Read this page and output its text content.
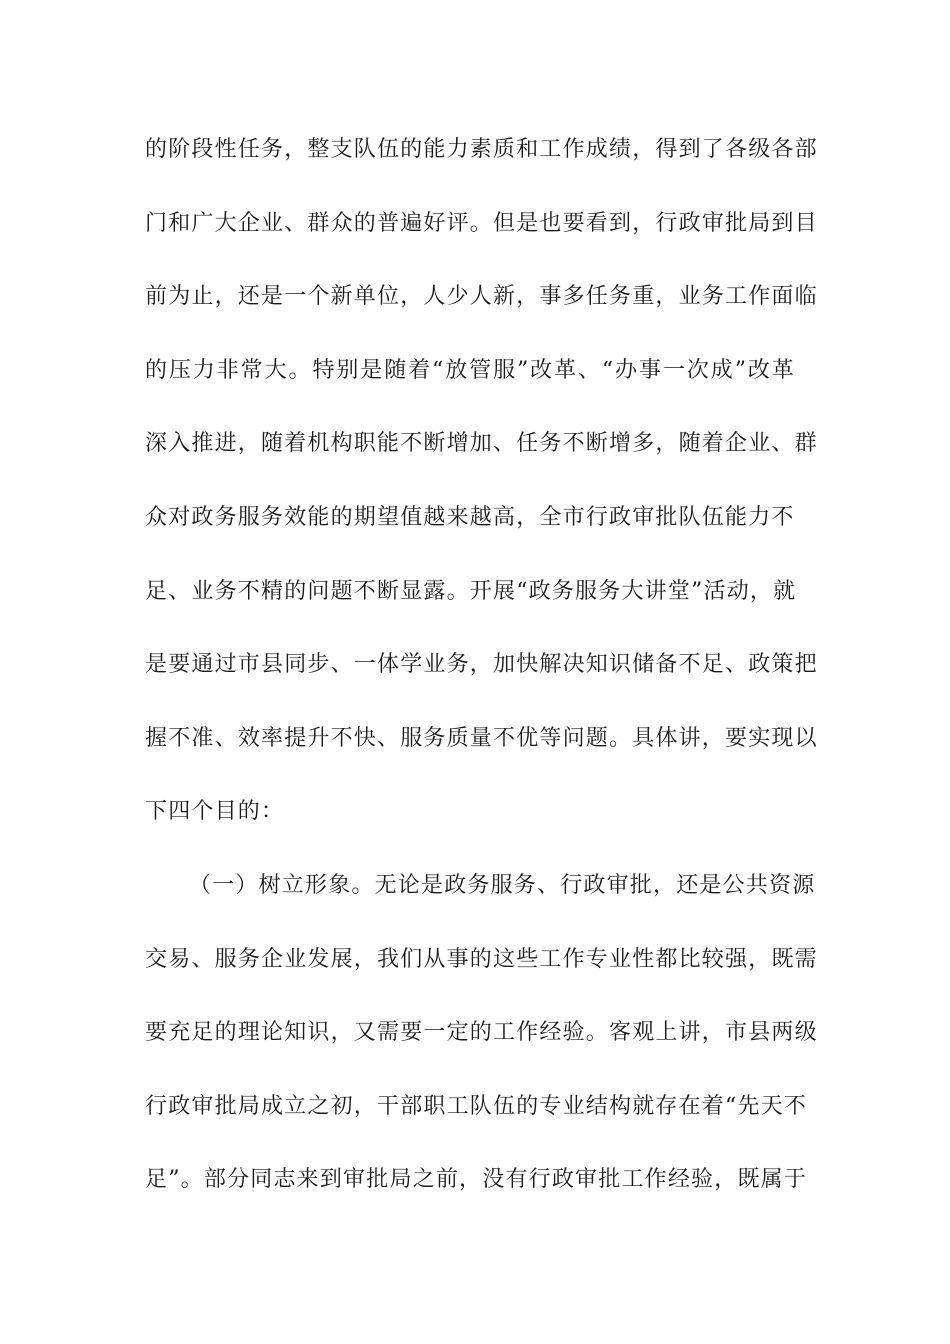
的阶段性任务，整支队伍的能力素质和工作成绩，得到了各级各部
门和广大企业、群众的普遍好评。但是也要看到，行政审批局到目
前为止，还是一个新单位，人少人新，事多任务重，业务工作面临
的压力非常大。特别是随着“放管服”改革、“办事一次成”改革
深入推进，随着机构职能不断增加、任务不断增多，随着企业、群
众对政务服务效能的期望值越来越高，全市行政审批队伍能力不
足、业务不精的问题不断显露。开展“政务服务大讲堂”活动，就
是要通过市县同步、一体学业务，加快解决知识储备不足、政策把
握不准、效率提升不快、服务质量不优等问题。具体讲，要实现以
下四个目的：
（一）树立形象。无论是政务服务、行政审批，还是公共资源
交易、服务企业发展，我们从事的这些工作专业性都比较强，既需
要充足的理论知识，又需要一定的工作经验。客观上讲，市县两级
行政审批局成立之初，干部职工队伍的专业结构就存在着“先天不
足”。部分同志来到审批局之前，没有行政审批工作经验，既属于
